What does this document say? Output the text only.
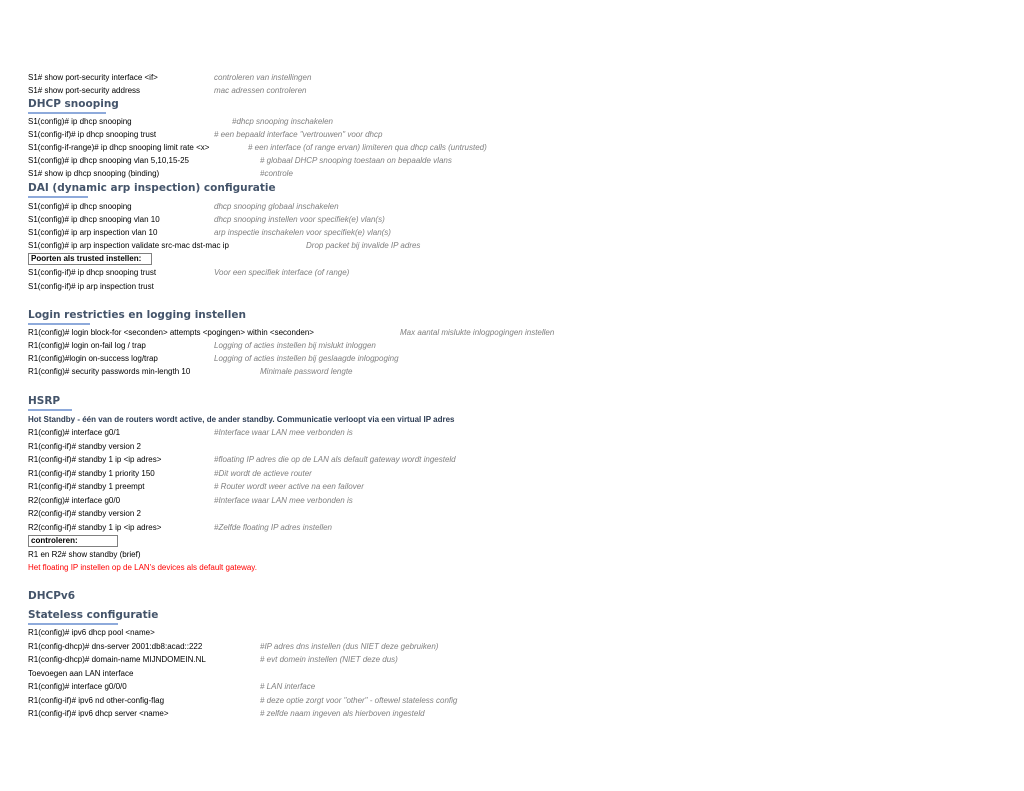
S1# show port-security interface <if>	controleren van instellingen
S1# show port-security address	mac adressen controleren
DHCP snooping
S1(config)# ip dhcp snooping	#dhcp snooping inschakelen
S1(config-if)# ip dhcp snooping trust	# een bepaald interface "vertrouwen" voor dhcp
S1(config-if-range)# ip dhcp snooping limit rate <x>	# een interface (of range ervan) limiteren qua dhcp calls (untrusted)
S1(config)# ip dhcp snooping vlan 5,10,15-25	# globaal DHCP snooping toestaan on bepaalde vlans
S1# show ip dhcp snooping (binding)	#controle
DAI (dynamic arp inspection) configuratie
S1(config)# ip dhcp snooping	dhcp snooping globaal inschakelen
S1(config)# ip dhcp snooping vlan 10	dhcp snooping instellen voor specifiek(e) vlan(s)
S1(config)# ip arp inspection vlan 10	arp inspectie inschakelen voor specifiek(e) vlan(s)
S1(config)# ip arp inspection validate src-mac dst-mac ip	Drop packet bij invalide IP adres
Poorten als trusted instellen:
S1(config-if)# ip dhcp snooping trust	Voor een specifiek interface (of range)
S1(config-if)# ip arp inspection trust
Login restricties en logging instellen
R1(config)# login block-for <seconden> attempts <pogingen> within <seconden>	Max aantal mislukte inlogpogingen instellen
R1(config)# login on-fail log / trap	Logging of acties instellen bij mislukt inloggen
R1(config)#login on-success log/trap	Logging of acties instellen bij geslaagde inlogpoging
R1(config)# security passwords min-length 10	Minimale password lengte
HSRP
Hot Standby - één van de routers wordt active, de ander standby. Communicatie verloopt via een virtual IP adres
R1(config)# interface g0/1	#Interface waar LAN mee verbonden is
R1(config-if)# standby version 2
R1(config-if)# standby 1 ip <ip adres>	#floating IP adres die op de LAN als default gateway wordt ingesteld
R1(config-if)# standby 1 priority 150	#Dit wordt de actieve router
R1(config-if)# standby 1 preempt	# Router wordt weer active na een failover
R2(config)# interface g0/0	#Interface waar LAN mee verbonden is
R2(config-if)# standby version 2
R2(config-if)# standby 1 ip <ip adres>	#Zelfde floating IP adres instellen
controleren:
R1 en R2# show standby (brief)
Het floating IP instellen op de LAN's devices als default gateway.
DHCPv6
Stateless configuratie
R1(config)# ipv6 dhcp pool <name>
R1(config-dhcp)# dns-server 2001:db8:acad::222	#IP adres dns instellen (dus NIET deze gebruiken)
R1(config-dhcp)# domain-name MIJNDOMEIN.NL	# evt domein instellen (NIET deze dus)
Toevoegen aan LAN interface
R1(config)# interface g0/0/0	# LAN interface
R1(config-if)# ipv6 nd other-config-flag	# deze optie zorgt voor "other" - oftewel stateless config
R1(config-if)# ipv6 dhcp server <name>	# zelfde naam ingeven als hierboven ingesteld
